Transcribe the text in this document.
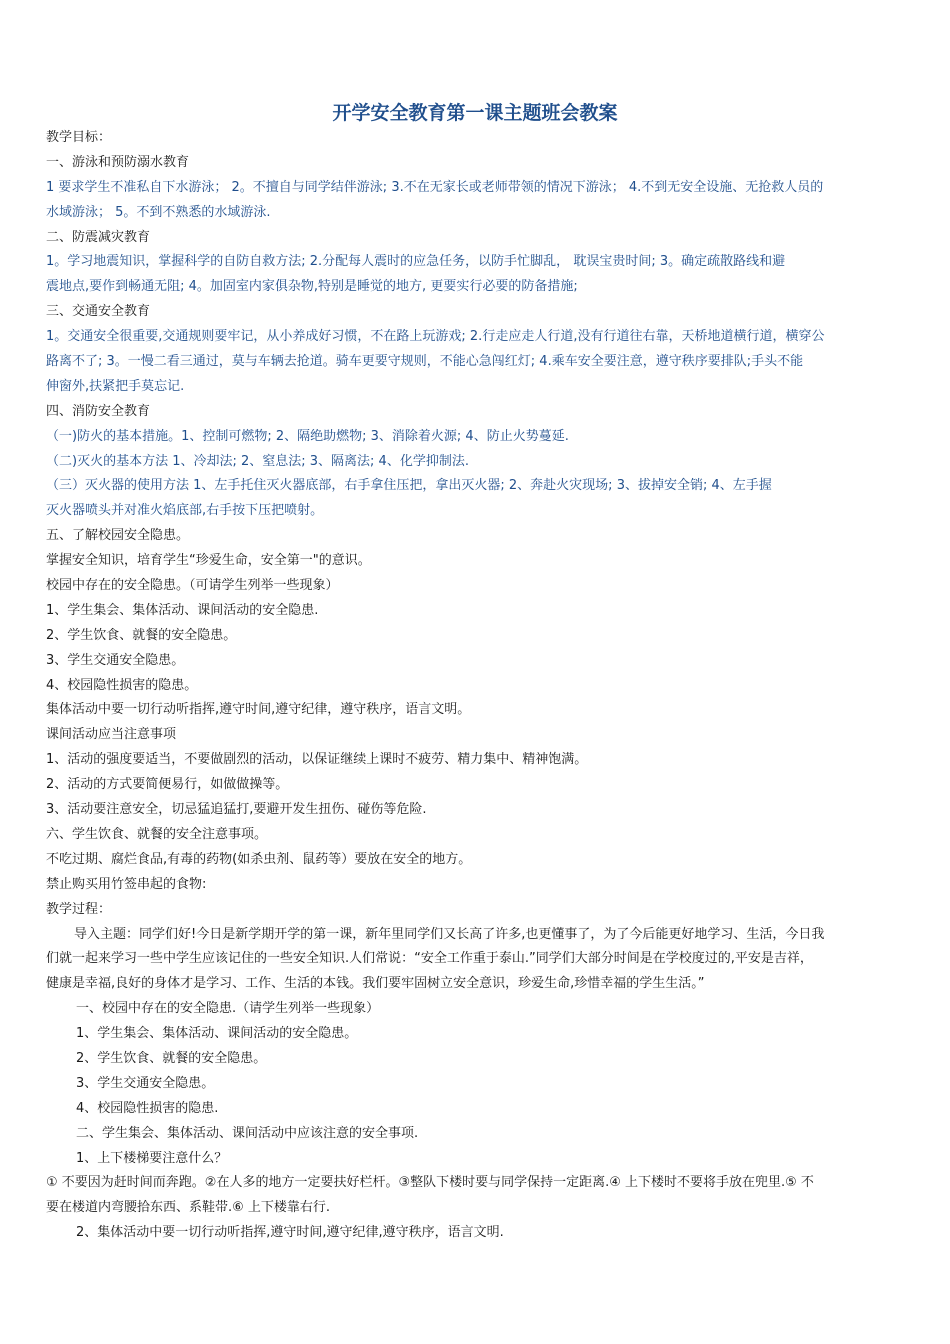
开学安全教育第一课主题班会教案
教学目标：
一、游泳和预防溺水教育
1 要求学生不准私自下水游泳； 2。不擅自与同学结伴游泳; 3.不在无家长或老师带领的情况下游泳； 4.不到无安全设施、无抢救人员的
水域游泳； 5。不到不熟悉的水域游泳.
二、防震减灾教育
1。学习地震知识，掌握科学的自防自救方法; 2.分配每人震时的应急任务，以防手忙脚乱， 耽误宝贵时间; 3。确定疏散路线和避
震地点,要作到畅通无阻; 4。加固室内家俱杂物,特别是睡觉的地方, 更要实行必要的防备措施;
三、交通安全教育
1。交通安全很重要,交通规则要牢记，从小养成好习惯，不在路上玩游戏; 2.行走应走人行道,没有行道往右靠，天桥地道横行道，横穿公
路离不了; 3。一慢二看三通过，莫与车辆去抢道。骑车更要守规则，不能心急闯红灯; 4.乘车安全要注意，遵守秩序要排队;手头不能
伸窗外,扶紧把手莫忘记.
四、消防安全教育
（一)防火的基本措施。1、控制可燃物; 2、隔绝助燃物; 3、消除着火源; 4、防止火势蔓延.
（二)灭火的基本方法 1、冷却法; 2、窒息法; 3、隔离法; 4、化学抑制法.
（三）灭火器的使用方法 1、左手托住灭火器底部，右手拿住压把，拿出灭火器; 2、奔赴火灾现场; 3、拔掉安全销; 4、左手握
灭火器喷头并对准火焰底部,右手按下压把喷射。
五、了解校园安全隐患。
掌握安全知识，培育学生“珍爱生命，安全第一"的意识。
校园中存在的安全隐患。（可请学生列举一些现象）
1、学生集会、集体活动、课间活动的安全隐患.
2、学生饮食、就餐的安全隐患。
3、学生交通安全隐患。
4、校园隐性损害的隐患。
集体活动中要一切行动听指挥,遵守时间,遵守纪律，遵守秩序，语言文明。
课间活动应当注意事项
1、活动的强度要适当，不要做剧烈的活动，以保证继续上课时不疲劳、精力集中、精神饱满。
2、活动的方式要简便易行，如做做操等。
3、活动要注意安全，切忌猛追猛打,要避开发生扭伤、碰伤等危险.
六、学生饮食、就餐的安全注意事项。
不吃过期、腐烂食品,有毒的药物(如杀虫剂、鼠药等）要放在安全的地方。
禁止购买用竹签串起的食物:
教学过程：
导入主题：同学们好!今日是新学期开学的第一课，新年里同学们又长高了许多,也更懂事了，为了今后能更好地学习、生活，今日我
们就一起来学习一些中学生应该记住的一些安全知识.人们常说：“安全工作重于泰山.”同学们大部分时间是在学校度过的,平安是吉祥，
健康是幸福,良好的身体才是学习、工作、生活的本钱。我们要牢固树立安全意识，珍爱生命,珍惜幸福的学生生活。”
一、校园中存在的安全隐患.（请学生列举一些现象）
1、学生集会、集体活动、课间活动的安全隐患。
2、学生饮食、就餐的安全隐患。
3、学生交通安全隐患。
4、校园隐性损害的隐患.
二、学生集会、集体活动、课间活动中应该注意的安全事项.
1、上下楼梯要注意什么？
① 不要因为赶时间而奔跑。②在人多的地方一定要扶好栏杆。③整队下楼时要与同学保持一定距离.④ 上下楼时不要将手放在兜里.⑤ 不
要在楼道内弯腰拾东西、系鞋带.⑥ 上下楼靠右行.
2、集体活动中要一切行动听指挥,遵守时间,遵守纪律,遵守秩序，语言文明.
